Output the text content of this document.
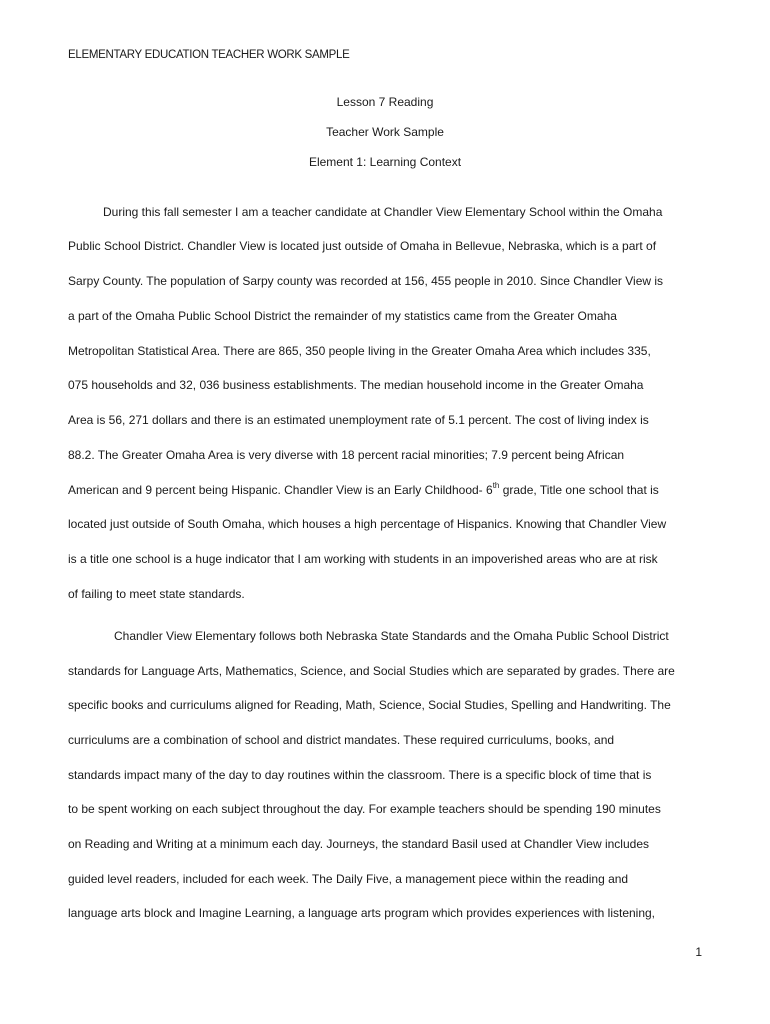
ELEMENTARY EDUCATION TEACHER WORK SAMPLE
Lesson 7 Reading
Teacher Work Sample
Element 1: Learning Context
During this fall semester I am a teacher candidate at Chandler View Elementary School within the Omaha
Public School District. Chandler View is located just outside of Omaha in Bellevue, Nebraska, which is a part of
Sarpy County. The population of Sarpy county was recorded at 156, 455 people in 2010. Since Chandler View is
a part of the Omaha Public School District the remainder of my statistics came from the Greater Omaha
Metropolitan Statistical Area. There are 865, 350 people living in the Greater Omaha Area which includes 335,
075 households and 32, 036 business establishments. The median household income in the Greater Omaha
Area is 56, 271 dollars and there is an estimated unemployment rate of 5.1 percent. The cost of living index is
88.2. The Greater Omaha Area is very diverse with 18 percent racial minorities; 7.9 percent being African
American and 9 percent being Hispanic. Chandler View is an Early Childhood- 6th grade, Title one school that is
located just outside of South Omaha, which houses a high percentage of Hispanics. Knowing that Chandler View
is a title one school is a huge indicator that I am working with students in an impoverished areas who are at risk
of failing to meet state standards.
Chandler View Elementary follows both Nebraska State Standards and the Omaha Public School District
standards for Language Arts, Mathematics, Science, and Social Studies which are separated by grades. There are
specific books and curriculums aligned for Reading, Math, Science, Social Studies, Spelling and Handwriting. The
curriculums are a combination of school and district mandates. These required curriculums, books, and
standards impact many of the day to day routines within the classroom. There is a specific block of time that is
to be spent working on each subject throughout the day. For example teachers should be spending 190 minutes
on Reading and Writing at a minimum each day. Journeys, the standard Basil used at Chandler View includes
guided level readers, included for each week. The Daily Five, a management piece within the reading and
language arts block and Imagine Learning, a language arts program which provides experiences with listening,
1
